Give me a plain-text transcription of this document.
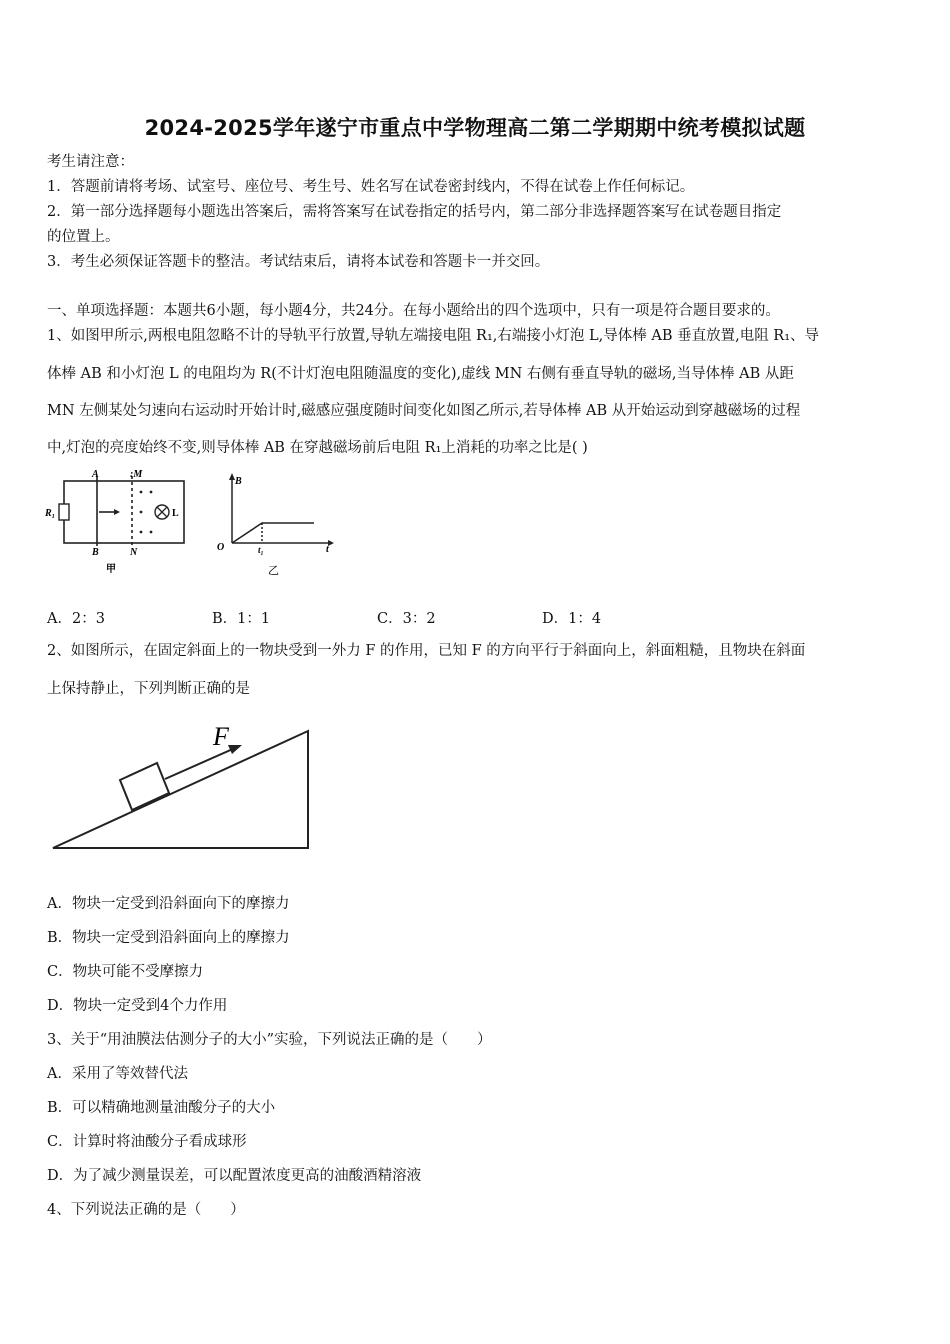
2024-2025学年遂宁市重点中学物理高二第二学期期中统考模拟试题
考生请注意：
1．答题前请将考场、试室号、座位号、考生号、姓名写在试卷密封线内，不得在试卷上作任何标记。
2．第一部分选择题每小题选出答案后，需将答案写在试卷指定的括号内，第二部分非选择题答案写在试卷题目指定
的位置上。
3．考生必须保证答题卡的整洁。考试结束后，请将本试卷和答题卡一并交回。
一、单项选择题：本题共6小题，每小题4分，共24分。在每小题给出的四个选项中，只有一项是符合题目要求的。
1、如图甲所示,两根电阻忽略不计的导轨平行放置,导轨左端接电阻 R₁,右端接小灯泡 L,导体棒 AB 垂直放置,电阻 R₁、导
体棒 AB 和小灯泡 L 的电阻均为 R(不计灯泡电阻随温度的变化),虚线 MN 右侧有垂直导轨的磁场,当导体棒 AB 从距
MN 左侧某处匀速向右运动时开始计时,磁感应强度随时间变化如图乙所示,若导体棒 AB 从开始运动到穿越磁场的过程
中,灯泡的亮度始终不变,则导体棒 AB 在穿越磁场前后电阻 R₁上消耗的功率之比是( )
A	:M
B	N
R₁	L
甲
B
O	t₁	t
乙
A．2：3	B．1：1	C．3：2	D．1：4
2、如图所示，在固定斜面上的一物块受到一外力 F 的作用，已知 F 的方向平行于斜面向上，斜面粗糙，且物块在斜面
上保持静止，下列判断正确的是
F
A．物块一定受到沿斜面向下的摩擦力
B．物块一定受到沿斜面向上的摩擦力
C．物块可能不受摩擦力
D．物块一定受到4个力作用
3、关于“用油膜法估测分子的大小”实验，下列说法正确的是（　　）
A．采用了等效替代法
B．可以精确地测量油酸分子的大小
C．计算时将油酸分子看成球形
D．为了减少测量误差，可以配置浓度更高的油酸酒精溶液
4、下列说法正确的是（　　）
